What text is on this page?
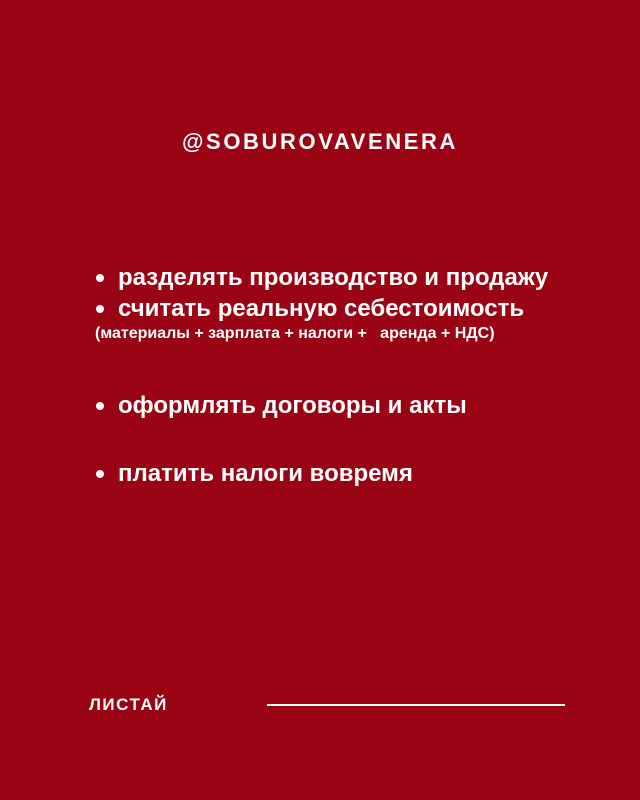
@SOBUROVAVENERA
разделять производство и продажу
считать реальную себестоимость
(материалы + зарплата + налоги +   аренда + НДС)
оформлять договоры и акты
платить налоги вовремя
ЛИСТАЙ
